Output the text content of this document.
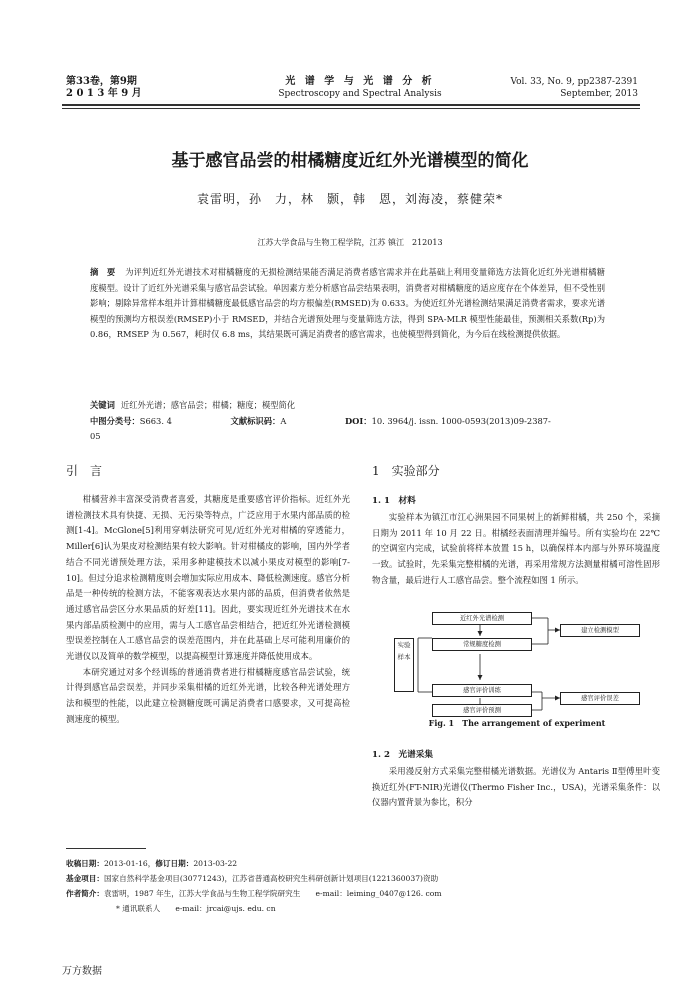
第33卷，第9期
2 0 1 3 年 9 月
光 谱 学 与 光 谱 分 析
Spectroscopy and Spectral Analysis
Vol. 33, No. 9, pp2387-2391
September, 2013
基于感官品尝的柑橘糖度近红外光谱模型的简化
袁雷明，孙　力，林　颢，韩　恩，刘海凌，蔡健荣*
江苏大学食品与生物工程学院，江苏 镇江　212013
摘　要 为评判近红外光谱技术对柑橘糖度的无损检测结果能否满足消费者感官需求并在此基础上利用变量筛选方法简化近红外光谱柑橘糖度模型。设计了近红外光谱采集与感官品尝试验。单因素方差分析感官品尝结果表明，消费者对柑橘糖度的适应度存在个体差异，但不受性别影响；剔除异常样本组并计算柑橘糖度最低感官品尝的均方根偏差(RMSED)为 0.633。为使近红外光谱检测结果满足消费者需求，要求光谱模型的预测均方根误差(RMSEP)小于 RMSED，并结合光谱预处理与变量筛选方法，得到 SPA-MLR 模型性能最佳，预测相关系数(Rp)为 0.86，RMSEP 为 0.567，耗时仅 6.8 ms，其结果既可满足消费者的感官需求，也使模型得到简化，为今后在线检测提供依据。
关键词 近红外光谱；感官品尝；柑橘；糖度；模型简化
中图分类号：S663. 4	文献标识码：A	DOI：10. 3964/j. issn. 1000-0593(2013)09-2387-05
引　言

柑橘营养丰富深受消费者喜爱，其糖度是重要感官评价指标。近红外光谱检测技术具有快捷、无损、无污染等特点，广泛应用于水果内部品质的检测[1-4]。McGlone[5]利用穿刺法研究可见/近红外光对柑橘的穿透能力，Miller[6]认为果皮对检测结果有较大影响。针对柑橘皮的影响，国内外学者结合不同光谱预处理方法，采用多种建模技术以减小果皮对模型的影响[7-10]。但过分追求检测精度则会增加实际应用成本、降低检测速度。感官分析品是一种传统的检测方法，不能客观表达水果内部的品质，但消费者依然是通过感官品尝区分水果品质的好差[11]。因此，要实现近红外光谱技术在水果内部品质检测中的应用，需与人工感官品尝相结合，把近红外光谱检测模型误差控制在人工感官品尝的误差范围内，并在此基础上尽可能利用廉价的光谱仪以及简单的数学模型，以提高模型计算速度并降低使用成本。

本研究通过对多个经训练的普通消费者进行柑橘糖度感官品尝试验，统计得到感官品尝误差，并同步采集柑橘的近红外光谱，比较各种光谱处理方法和模型的性能，以此建立检测糖度既可满足消费者口感要求，又可提高检测速度的模型。

1　实验部分
1. 1　材料

实验样本为镇江市江心洲果园不同果树上的新鲜柑橘，共 250 个，采摘日期为 2011 年 10 月 22 日。柑橘经表面清理并编号。所有实验均在 22℃的空调室内完成，试验前将样本放置 15 h，以确保样本内部与外界环境温度一致。试验时，先采集完整柑橘的光谱，再采用常规方法测量柑橘可溶性固形物含量，最后进行人工感官品尝。整个流程如图 1 所示。

实验样本
近红外光谱检测
常规糖度检测
感官评价训练
感官评价预测
建立检测模型
感官评价误差
Fig. 1 The arrangement of experiment
1. 2　光谱采集

采用漫反射方式采集完整柑橘光谱数据。光谱仪为 Antaris Ⅱ型傅里叶变换近红外(FT-NIR)光谱仪(Thermo Fisher Inc.，USA)，光谱采集条件：以仪器内置背景为参比，积分

收稿日期：2013-01-16，修订日期：2013-03-22
基金项目：国家自然科学基金项目(30771243)，江苏省普通高校研究生科研创新计划项目(1221360037)资助
作者简介：袁雷明，1987 年生，江苏大学食品与生物工程学院研究生　　e-mail：leiming_0407@126. com
* 通讯联系人　　e-mail：jrcai@ujs. edu. cn
万方数据
